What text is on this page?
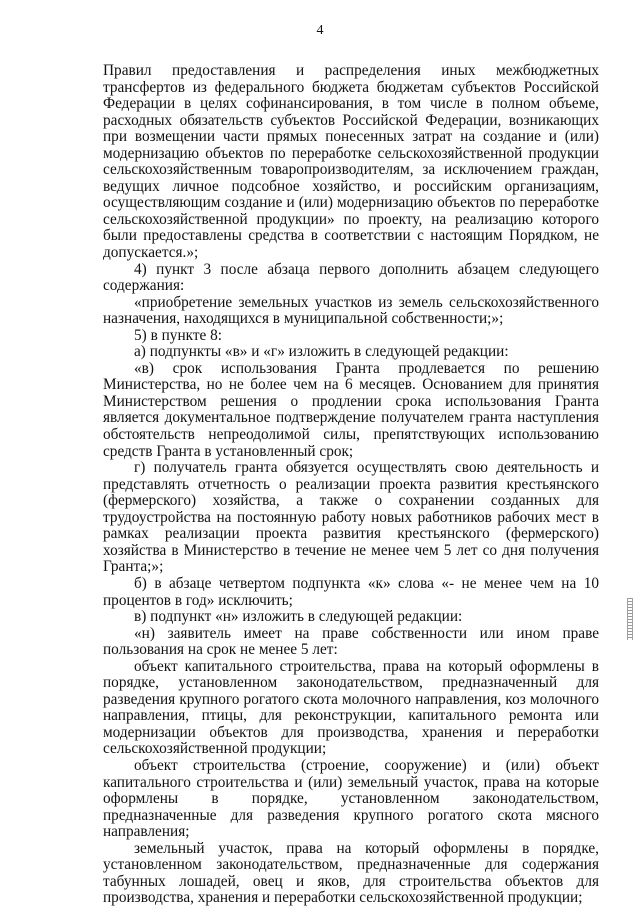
4

Правил предоставления и распределения иных межбюджетных трансфертов из федерального бюджета бюджетам субъектов Российской Федерации в целях софинансирования, в том числе в полном объеме, расходных обязательств субъектов Российской Федерации, возникающих при возмещении части прямых понесенных затрат на создание и (или) модернизацию объектов по переработке сельскохозяйственной продукции сельскохозяйственным товаропроизводителям, за исключением граждан, ведущих личное подсобное хозяйство, и российским организациям, осуществляющим создание и (или) модернизацию объектов по переработке сельскохозяйственной продукции» по проекту, на реализацию которого были предоставлены средства в соответствии с настоящим Порядком, не допускается.»;

4) пункт 3 после абзаца первого дополнить абзацем следующего содержания:

«приобретение земельных участков из земель сельскохозяйственного назначения, находящихся в муниципальной собственности;»;

5) в пункте 8:

а) подпункты «в» и «г» изложить в следующей редакции:

«в) срок использования Гранта продлевается по решению Министерства, но не более чем на 6 месяцев. Основанием для принятия Министерством решения о продлении срока использования Гранта является документальное подтверждение получателем гранта наступления обстоятельств непреодолимой силы, препятствующих использованию средств Гранта в установленный срок;

г) получатель гранта обязуется осуществлять свою деятельность и представлять отчетность о реализации проекта развития крестьянского (фермерского) хозяйства, а также о сохранении созданных для трудоустройства на постоянную работу новых работников рабочих мест в рамках реализации проекта развития крестьянского (фермерского) хозяйства в Министерство в течение не менее чем 5 лет со дня получения Гранта;»;

б) в абзаце четвертом подпункта «к» слова «- не менее чем на 10 процентов в год» исключить;

в) подпункт «н» изложить в следующей редакции:

«н) заявитель имеет на праве собственности или ином праве пользования на срок не менее 5 лет:

объект капитального строительства, права на который оформлены в порядке, установленном законодательством, предназначенный для разведения крупного рогатого скота молочного направления, коз молочного направления, птицы, для реконструкции, капитального ремонта или модернизации объектов для производства, хранения и переработки сельскохозяйственной продукции;

объект строительства (строение, сооружение) и (или) объект капитального строительства и (или) земельный участок, права на которые оформлены в порядке, установленном законодательством, предназначенные для разведения крупного рогатого скота мясного направления;

земельный участок, права на который оформлены в порядке, установленном законодательством, предназначенные для содержания табунных лошадей, овец и яков, для строительства объектов для производства, хранения и переработки сельскохозяйственной продукции;
